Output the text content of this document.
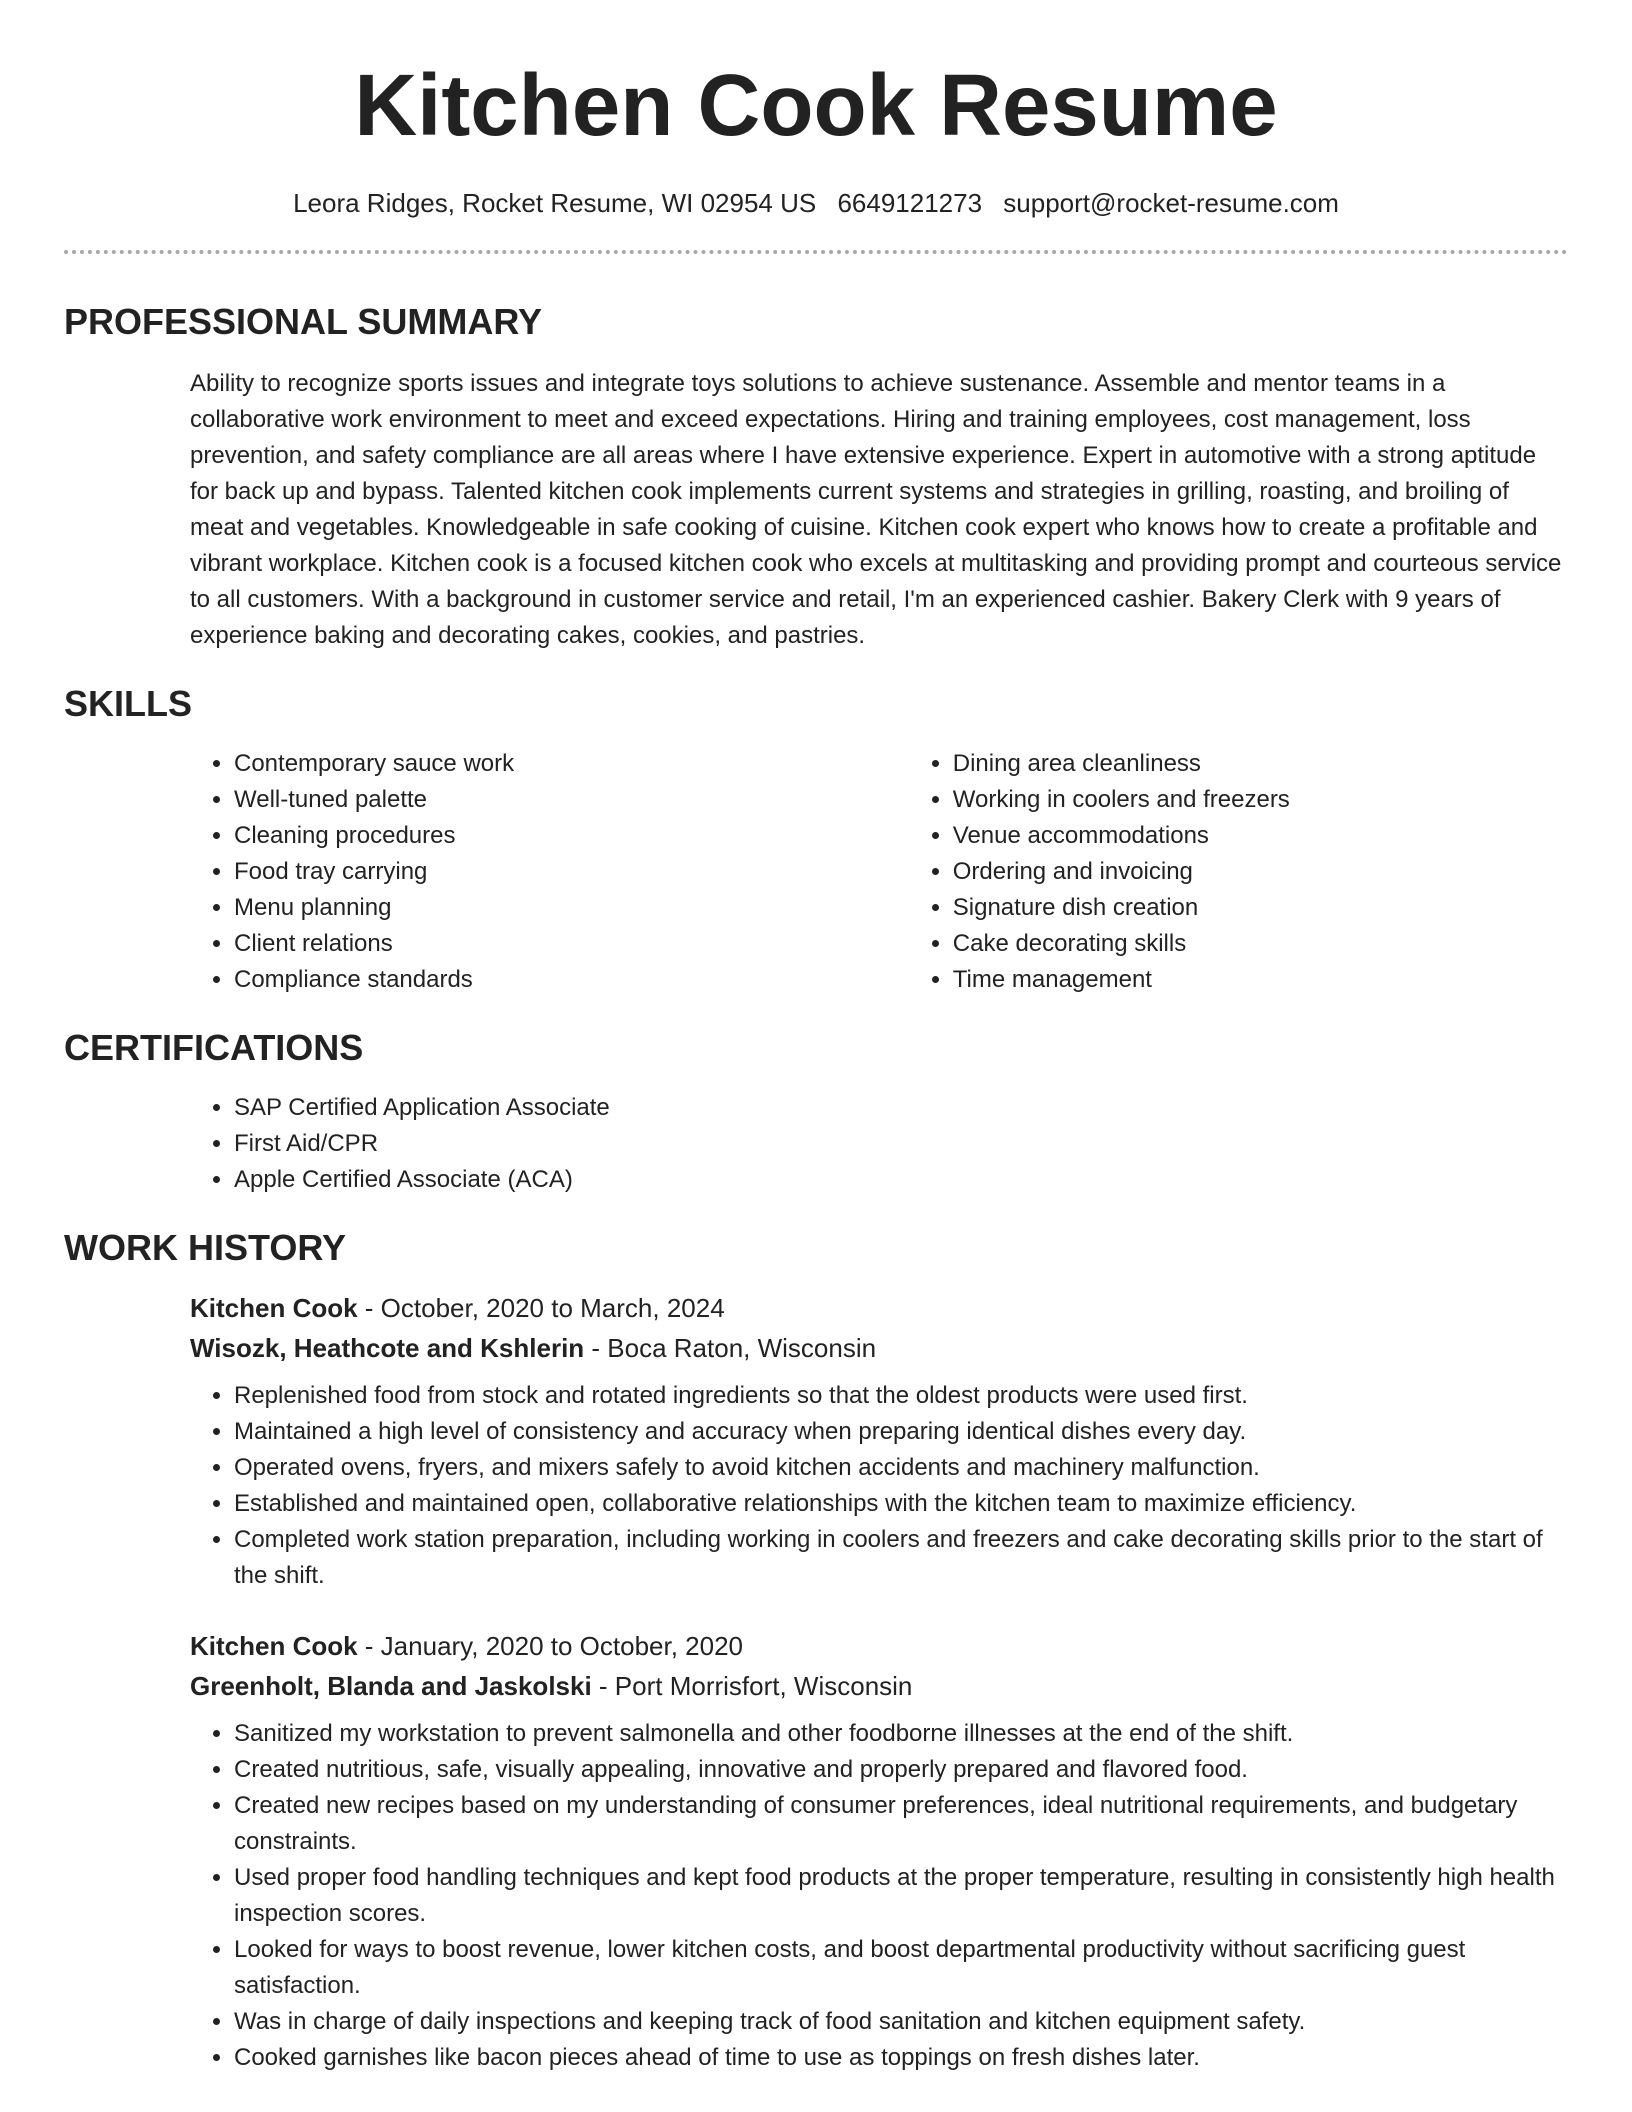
Kitchen Cook Resume
Leora Ridges, Rocket Resume, WI 02954 US 6649121273 support@rocket-resume.com
PROFESSIONAL SUMMARY

Ability to recognize sports issues and integrate toys solutions to achieve sustenance. Assemble and mentor teams in a collaborative work environment to meet and exceed expectations. Hiring and training employees, cost management, loss prevention, and safety compliance are all areas where I have extensive experience. Expert in automotive with a strong aptitude for back up and bypass. Talented kitchen cook implements current systems and strategies in grilling, roasting, and broiling of meat and vegetables. Knowledgeable in safe cooking of cuisine. Kitchen cook expert who knows how to create a profitable and vibrant workplace. Kitchen cook is a focused kitchen cook who excels at multitasking and providing prompt and courteous service to all customers. With a background in customer service and retail, I'm an experienced cashier. Bakery Clerk with 9 years of experience baking and decorating cakes, cookies, and pastries.

SKILLS
• Contemporary sauce work
• Well-tuned palette
• Cleaning procedures
• Food tray carrying
• Menu planning
• Client relations
• Compliance standards
• Dining area cleanliness
• Working in coolers and freezers
• Venue accommodations
• Ordering and invoicing
• Signature dish creation
• Cake decorating skills
• Time management
CERTIFICATIONS
• SAP Certified Application Associate
• First Aid/CPR
• Apple Certified Associate (ACA)
WORK HISTORY
Kitchen Cook - October, 2020 to March, 2024
Wisozk, Heathcote and Kshlerin - Boca Raton, Wisconsin
• Replenished food from stock and rotated ingredients so that the oldest products were used first.
• Maintained a high level of consistency and accuracy when preparing identical dishes every day.
• Operated ovens, fryers, and mixers safely to avoid kitchen accidents and machinery malfunction.
• Established and maintained open, collaborative relationships with the kitchen team to maximize efficiency.
• Completed work station preparation, including working in coolers and freezers and cake decorating skills prior to the start of the shift.
Kitchen Cook - January, 2020 to October, 2020
Greenholt, Blanda and Jaskolski - Port Morrisfort, Wisconsin
• Sanitized my workstation to prevent salmonella and other foodborne illnesses at the end of the shift.
• Created nutritious, safe, visually appealing, innovative and properly prepared and flavored food.
• Created new recipes based on my understanding of consumer preferences, ideal nutritional requirements, and budgetary constraints.
• Used proper food handling techniques and kept food products at the proper temperature, resulting in consistently high health inspection scores.
• Looked for ways to boost revenue, lower kitchen costs, and boost departmental productivity without sacrificing guest satisfaction.
• Was in charge of daily inspections and keeping track of food sanitation and kitchen equipment safety.
• Cooked garnishes like bacon pieces ahead of time to use as toppings on fresh dishes later.
